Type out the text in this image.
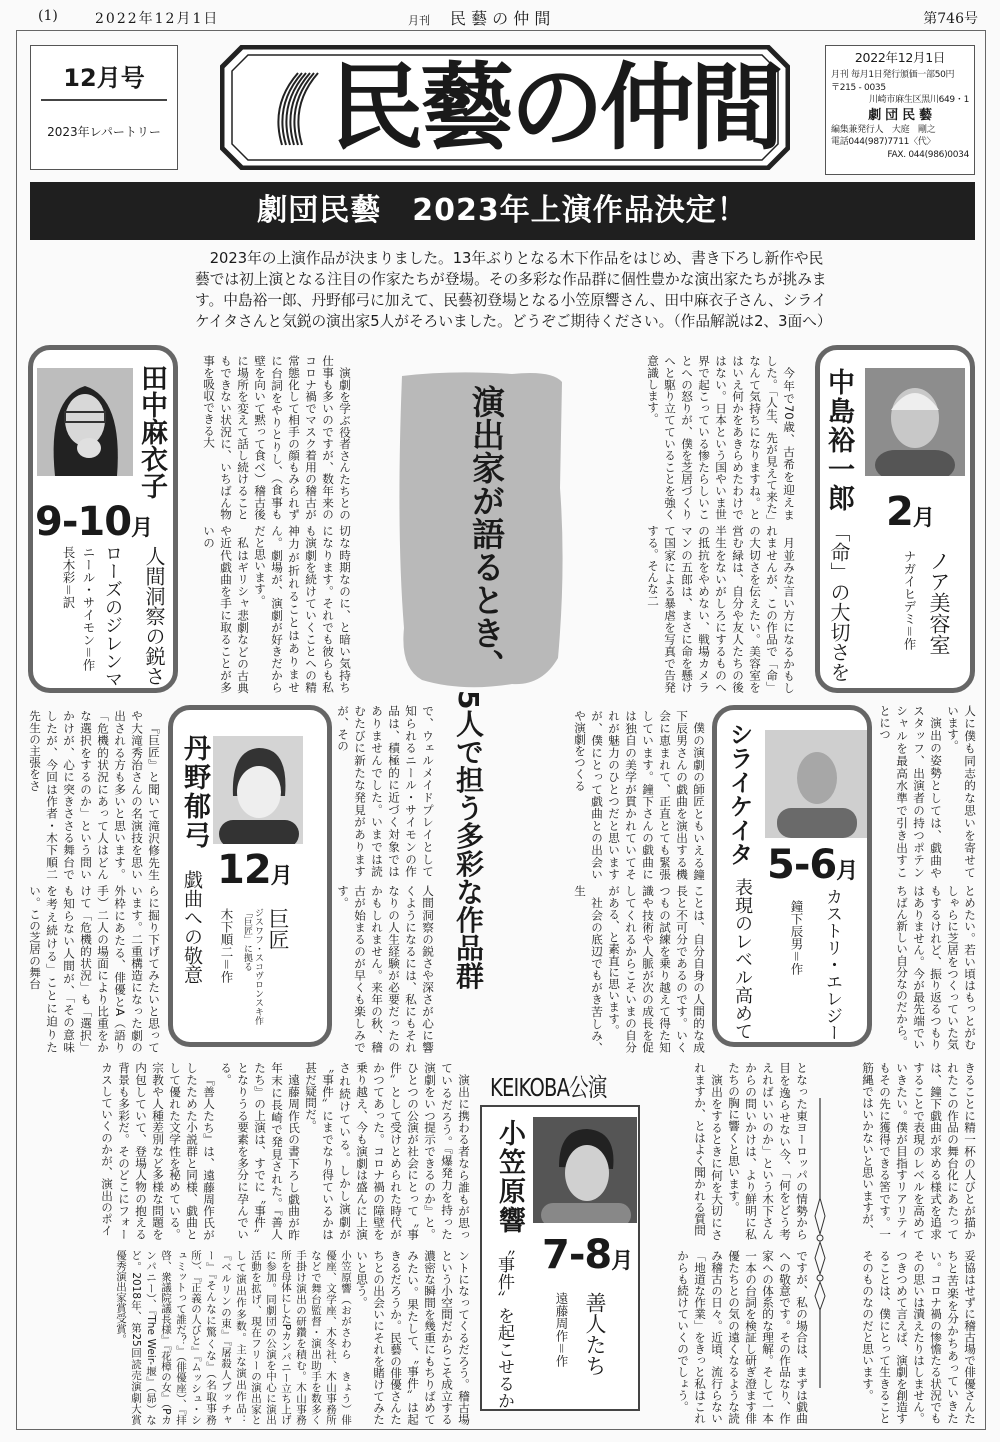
(1)	2022年12月1日	月刊 民 藝 の 仲 間	第746号
12月号
2023年レパートリー 民藝の仲間	2022年12月1日
月刊 毎月1日発行頒価一部50円
〒215 - 0035
川崎市麻生区黒川649・1
劇 団 民 藝
編集兼発行人　大庭　剛之
電話044(987)7711〈代〉
FAX. 044(986)0034
劇団民藝　2023年上演作品決定！
2023年の上演作品が決まりました。13年ぶりとなる木下作品をはじめ、書き下ろし新作や民藝では初上演となる注目の作家たちが登場。その多彩な作品群に個性豊かな演出家たちが挑みます。中島裕一郎、丹野郁弓に加えて、民藝初登場となる小笠原響さん、田中麻衣子さん、シライケイタさんと気鋭の演出家5人がそろいました。どうぞご期待ください。（作品解説は2、3面へ）
演出家が語るとき、
5人で担う多彩な作品群
中島裕一郎 2月
「命」の大切さを	ノア美容室
ナガイヒデミ＝作

今年で70歳、古希を迎えました。「人生、先が見えて来た」なんて気持ちになりますね。とはいえ何かをあきらめたわけではない。日本という国やいま世界で起こっている惨たらしいことへの怒りが、僕を芝居づくりへと駆り立てていることを強く意識します。

月並みな言い方になるかもしれませんが、この作品で「命」の大切さを伝えたい。美容室を営む緑は、自分や友人たちの後半生をないがしろにするものへの抵抗をやめない、戦場カメラマンの五郎は、まさに命を懸けて国家による暴虐を写真で告発する。そんな二

人に僕も同志的な思いを寄せています。

演出の姿勢としては、戯曲やスタッフ、出演者の持つポテンシャルを最高水準で引き出すことにつ

とめたい。若い頃はもっとがむしゃらに芝居をつくっていた気もするけれど、振り返るつもりはありません。今が最先端でいちばん新しい自分なのだから。

田中麻衣子
9-10月
人間洞察の鋭さ
ローズのジレンマ
ニール・サイモン＝作
長木彩＝訳

演劇を学ぶ役者さんたちとの仕事も多いのですが、数年来のコロナ禍でマスク着用の稽古が常態化して相手の顔もみられずに台詞をやりとりし、（食事も壁を向いて黙って食べ）稽古後に場所を変えて話し続けることもできない状況に、いちばん物事を吸収できる大

切な時期なのに、と暗い気持ちになります。それでも彼らも私も演劇を続けていくことへの精神力が折れることはありません。劇場が、演劇が好きだからだと思います。

私はギリシャ悲劇などの古典や近代戯曲を手に取ることが多いの

で、ウェルメイドプレイとして知られるニール・サイモンの作品は、積極的に近づく対象ではありませんでした。いまでは読むたびに新たな発見がありますが、その

人間洞察の鋭さや深さが心に響くようになるには、私にもそれなりの人生経験が必要だったのかもしれません。来年の秋、稽古が始まるのが早くも楽しみです。

シライケイタ 5-6月
表現のレベル高めて	カストリ・エレジー
鐘下辰男＝作

僕の演劇の師匠ともいえる鐘下辰男さんの戯曲を演出する機会に恵まれて、正直とても緊張しています。鐘下さんの戯曲には独自の美学が貫かれていてそれが魅力のひとつだと思いますが、僕にとって戯曲との出会いや演劇をつくる

ことは、自分自身の人間的な成長と不可分であるのです。いくつもの試練を乗り越えて得た知識や技術や人脈が次の成長を促してくれるからこそいまの自分がある、と素直に思います。

社会の底辺でもがき苦しみ、生

きることに精一杯の人びとが描かれたこの作品の舞台化にあたっては、鐘下戯曲が求める様式を追求することで表現のレベルを高めていきたい。僕が目指すリアリティもその先に獲得できる筈です。一筋縄ではいかないと思いますが、

妥協はせずに稽古場で俳優さんたちと苦楽を分かちあっていきたい。コロナ禍の惨憺たる状況でもその思いは潰えたりはしません。つきつめて言えば、演劇を創造することは、僕にとって生きることそのものなのだと思います。

丹野郁弓
12月
戯曲への敬意	巨匠
ジスワフ・スコヴロンスキ作「巨匠」に拠る
木下順二＝作

『巨匠』と聞いて滝沢修先生や大滝秀治さんの名演技を思い出される方も多いと思います。「危機的状況にあって人はどんな選択をするのか」という問いかけが、心に突きささる舞台でしたが、今回は作者・木下順二先生の主張をさ

らに掘り下げてみたいと思っています。二重構造になった劇の外枠にあたる、俳優とA（語り手）二人の場面により比重をかけて「危機的状況」も「選択」も知らない人間が、「その意味を考え続ける」ことに迫りたい。この芝居の舞台

となった東ヨーロッパの情勢から目を逸らせない今、「何をどう考えればいいのか」という木下さんからの問いかけは、より鮮明に私たちの胸に響くと思います。

演出をするときに何を大切にされますか、とはよく聞かれる質問

ですが、私の場合は、まずは戯曲への敬意です。その作品なり、作家への体系的な理解。そして一本一本の台詞を検証し研ぎ澄ます俳優たちとの気の遠くなるような読み稽古の日々。近頃、流行らない「地道な作業」をきっと私はこれからも続けていくのでしょう。

KEIKOBA公演
小笠原響
7-8月
〝事件〟を起こせるか	善人たち
遠藤周作＝作

演出に携わる者なら誰もが思っているだろう。『爆発力を持った演劇をいつ提示できるのか』と。ひとつの公演が社会にとって〝事件〟として受けとめられた時代がかつてあった。コロナ禍の障壁を乗り越え、今も演劇は盛んに上演され続けている。しかし演劇が〝事件〟にまでなり得ているかは甚だ疑問だ。

遠藤周作氏の書下ろし戯曲が昨年末に長崎で発見された。『善人たち』の上演は、すでに〝事件〟となりうる要素を多分に孕んでいる。

『善人たち』は、遠藤周作氏がしたためた小説群と同様、戯曲として優れた文学性を秘めている。宗教や人種差別など多様な問題を内包していて、登場人物の抱える背景も多彩だ。そのどこにフォーカスしていくのかが、演出のポイ

ントになってくるだろう。稽古場という小空間だからこそ成立する濃密な瞬間を幾重にもちりばめてみたい。果たして、〝事件〟は起きるだろうか。民藝の俳優さんたちとの出会いにそれを賭けてみたいと思う。

小笠原響（おがさわら　きょう）俳優座、文学座、木冬社、木山事務所などで舞台監督・演出助手を数多く手掛け演出の研鑽を積む。木山事務所を母体にしたPカンパニー立ち上げに参加。同劇団の公演を中心に演出活動を拡げ、現在フリーの演出家として演出作多数。主な演出作品：『ベルリンの東』『屠殺人ブッチャー』『そんなに驚くな』（名取事務所）、『正義の人びと』『ムッシュ・シュミットって誰だ？』（俳優座）、『拝啓、衆議院議長様』『花樟の女』（Pカンパニー）、『The Weir-堰』（昴）など。2018年、第25回読売演劇大賞優秀演出家賞受賞。
